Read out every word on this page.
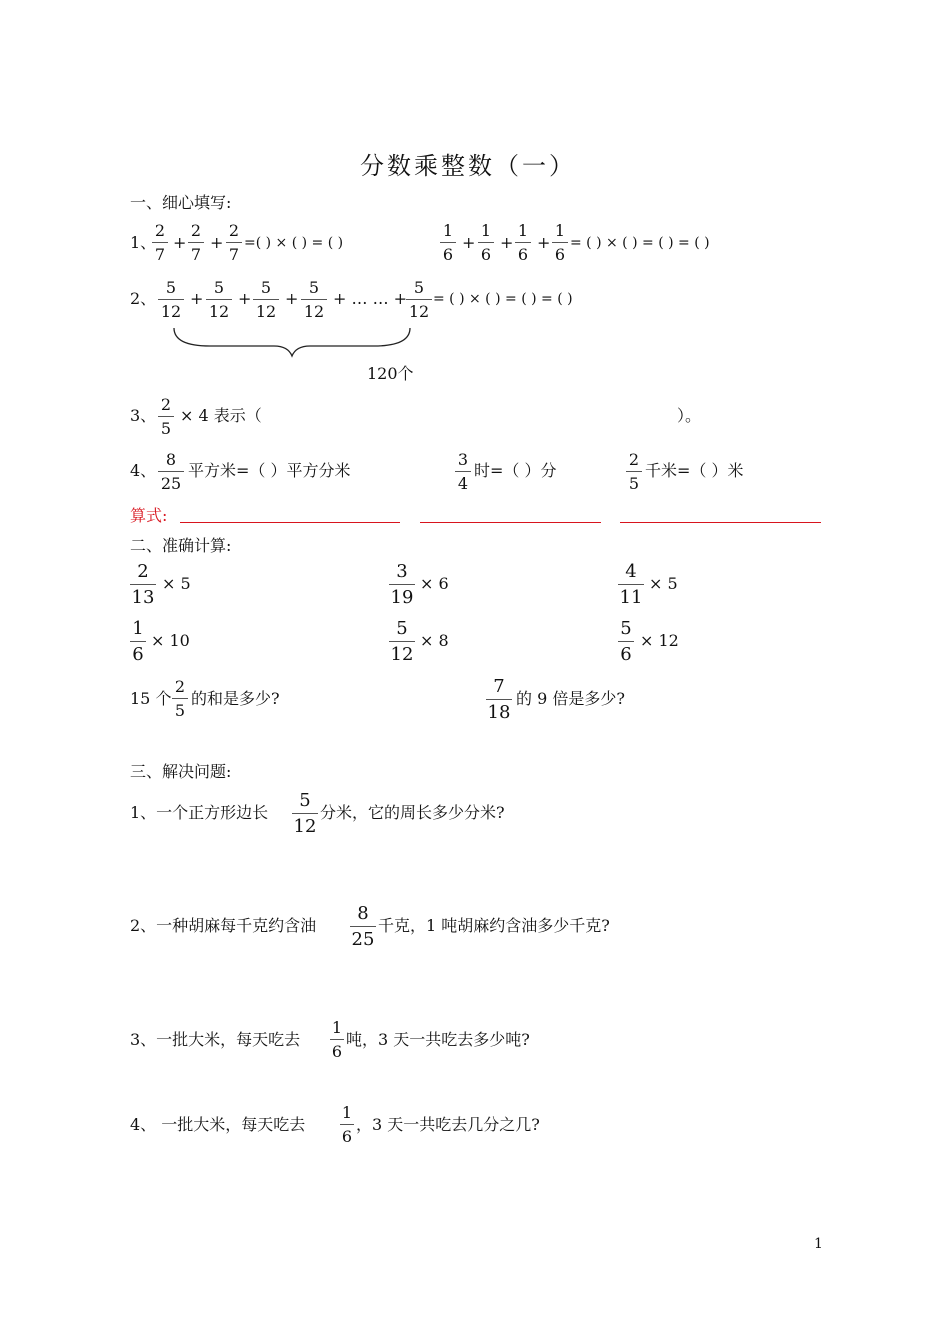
分数乘整数（一）
一、细心填写:
1、
2
7
+
2
7
+
2
7
=( ) × ( ) = ( )
1
6
+
1
6
+
1
6
+
1
6
= ( ) × ( ) = ( ) = ( )
2、
5
12
+
5
12
+
5
12
+
5
12
+ … … +
5
12
= ( ) × ( ) = ( ) = ( )
120个
3、
2
5
× 4 表示（	）。
4、
8
25
平方米=（ ）平方分米
3
4
时=（ ）分
2
5
千米=（ ）米
算式:
二、准确计算:
2
13
× 5
3
19
× 6
4
11
× 5
1
6
× 10
5
12
× 8
5
6
× 12
15 个
2
5
的和是多少?
7
18
的 9 倍是多少?
三、解决问题:
1、一个正方形边长
5
12
分米，它的周长多少分米?
2、一种胡麻每千克约含油
8
25
千克，1 吨胡麻约含油多少千克?
3、一批大米，每天吃去
1
6
吨，3 天一共吃去多少吨?
4、 一批大米，每天吃去
1
6
，3 天一共吃去几分之几?
1
